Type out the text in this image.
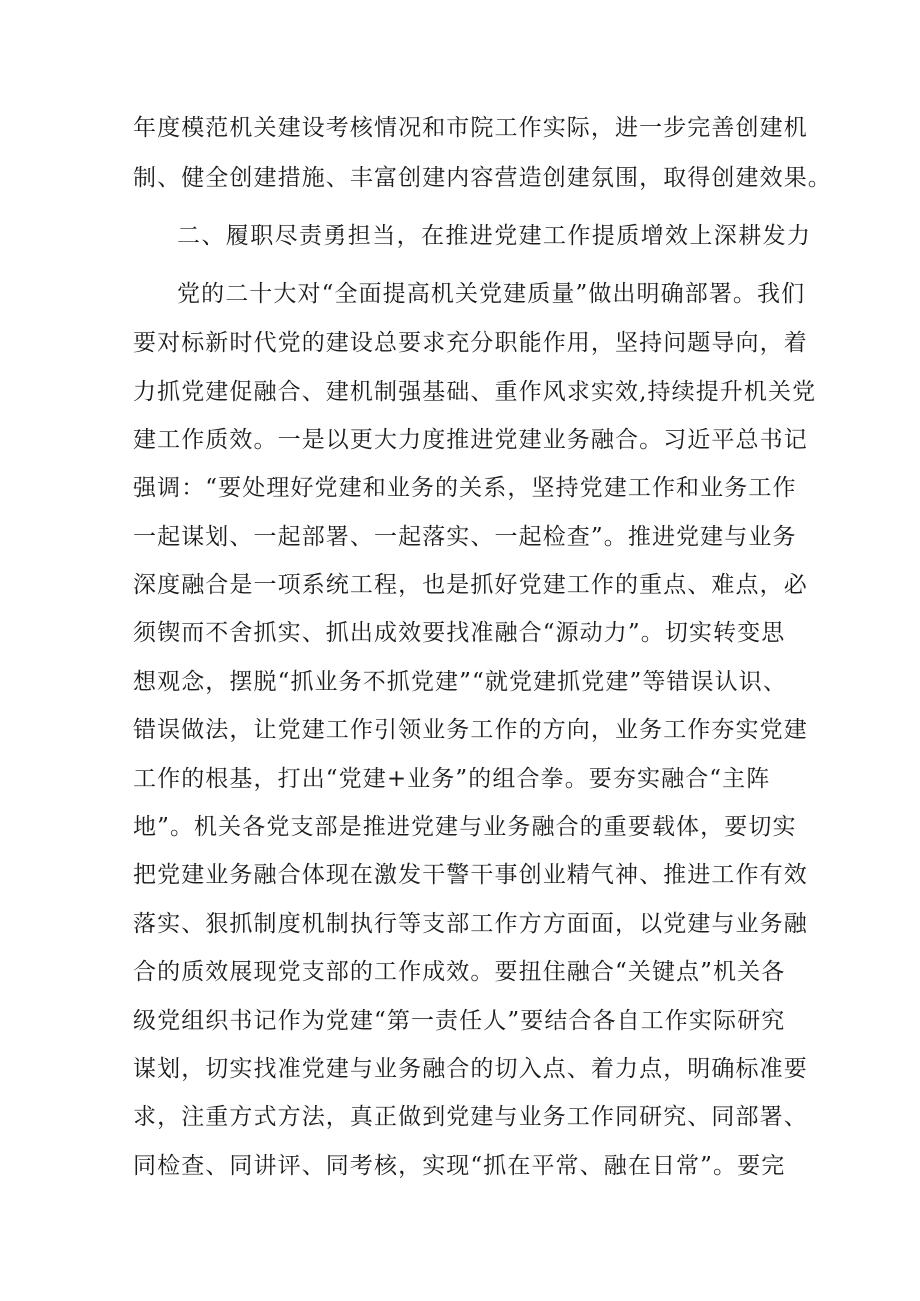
年度模范机关建设考核情况和市院工作实际，进一步完善创建机
制、健全创建措施、丰富创建内容营造创建氛围，取得创建效果。
二、履职尽责勇担当，在推进党建工作提质增效上深耕发力
党的二十大对“全面提高机关党建质量”做出明确部署。我们
要对标新时代党的建设总要求充分职能作用，坚持问题导向，着
力抓党建促融合、建机制强基础、重作风求实效,持续提升机关党
建工作质效。一是以更大力度推进党建业务融合。习近平总书记
强调：“要处理好党建和业务的关系，坚持党建工作和业务工作
一起谋划、一起部署、一起落实、一起检查”。推进党建与业务
深度融合是一项系统工程，也是抓好党建工作的重点、难点，必
须锲而不舍抓实、抓出成效要找准融合“源动力”。切实转变思
想观念，摆脱“抓业务不抓党建”“就党建抓党建”等错误认识、
错误做法，让党建工作引领业务工作的方向，业务工作夯实党建
工作的根基，打出“党建+业务”的组合拳。要夯实融合“主阵
地”。机关各党支部是推进党建与业务融合的重要载体，要切实
把党建业务融合体现在激发干警干事创业精气神、推进工作有效
落实、狠抓制度机制执行等支部工作方方面面，以党建与业务融
合的质效展现党支部的工作成效。要扭住融合“关键点”机关各
级党组织书记作为党建“第一责任人”要结合各自工作实际研究
谋划，切实找准党建与业务融合的切入点、着力点，明确标准要
求，注重方式方法，真正做到党建与业务工作同研究、同部署、
同检查、同讲评、同考核，实现“抓在平常、融在日常”。要完
